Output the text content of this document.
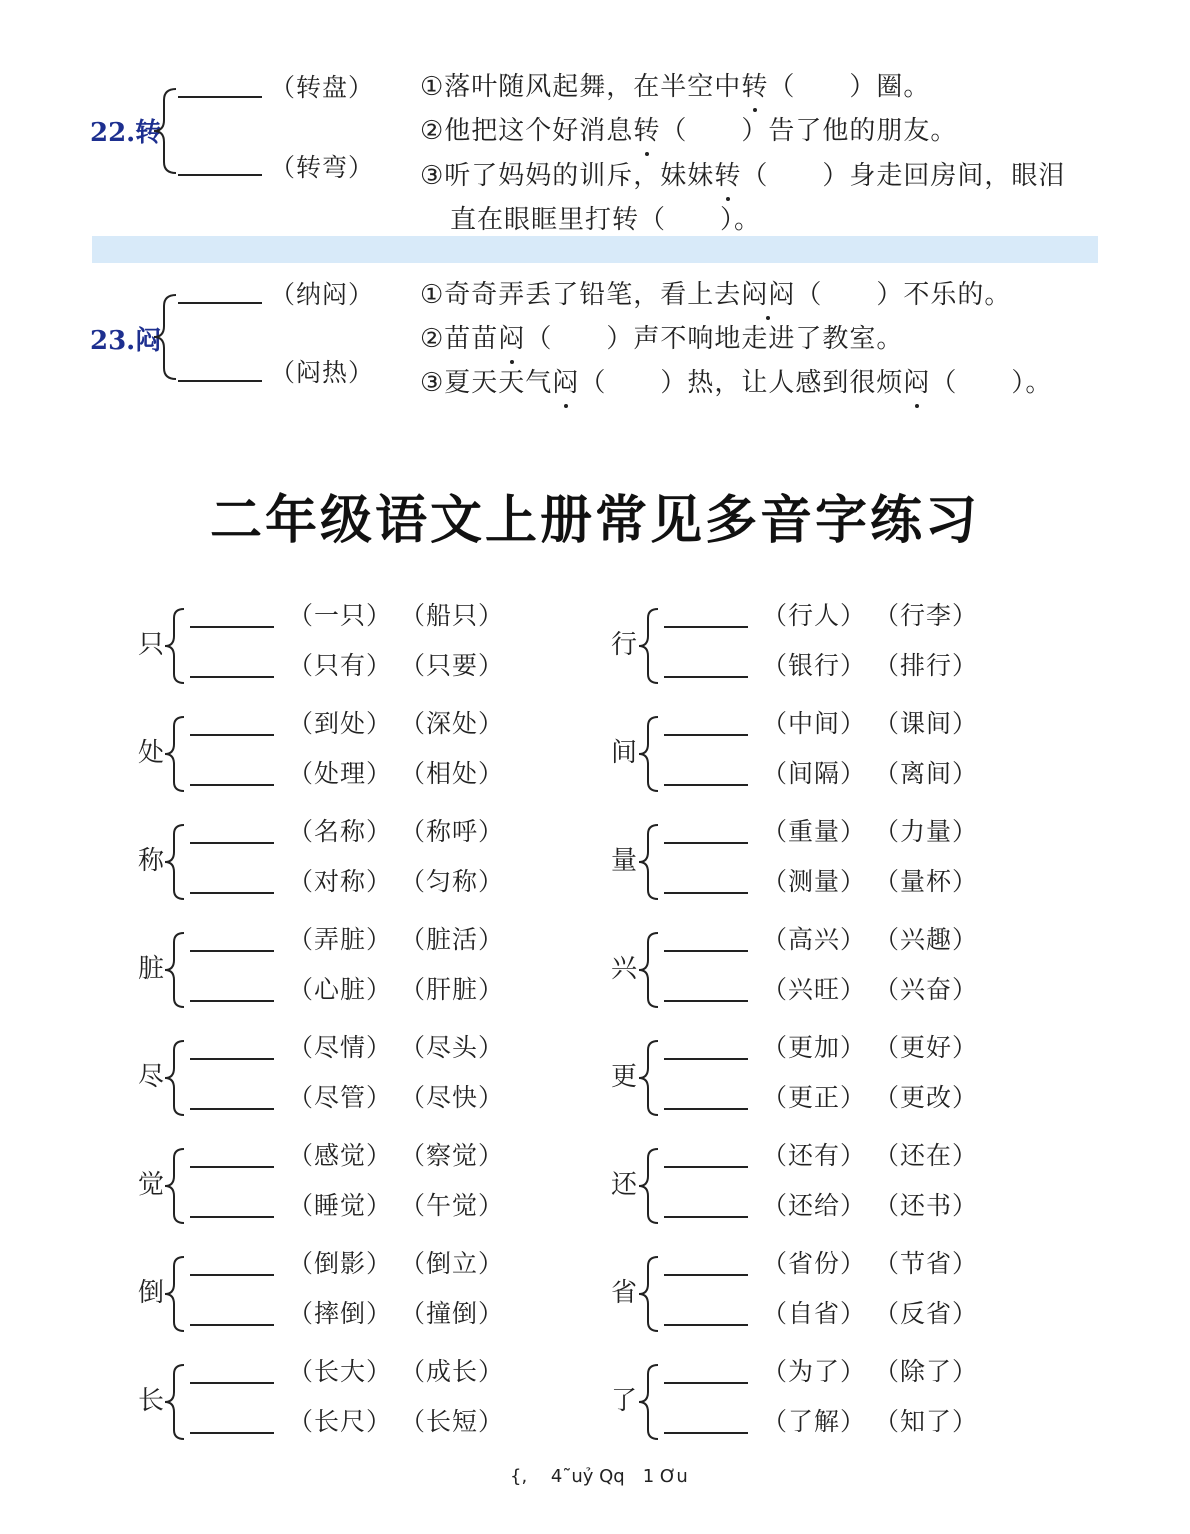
22.转
（转盘）
（转弯）
①落叶随风起舞，在半空中转（　　）圈。
②他把这个好消息转（　　）告了他的朋友。
③听了妈妈的训斥，妹妹转（　　）身走回房间，眼泪
直在眼眶里打转（　　）。
23.闷
（纳闷）
（闷热）
①奇奇弄丢了铅笔，看上去闷闷（　　）不乐的。
②苗苗闷（　　）声不响地走进了教室。
③夏天天气闷（　　）热，让人感到很烦闷（　　）。
二年级语文上册常见多音字练习
只
（一只） （船只）
（只有） （只要）
处
（到处） （深处）
（处理） （相处）
称
（名称） （称呼）
（对称） （匀称）
脏
（弄脏） （脏活）
（心脏） （肝脏）
尽
（尽情） （尽头）
（尽管） （尽快）
觉
（感觉） （察觉）
（睡觉） （午觉）
倒
（倒影） （倒立）
（摔倒） （撞倒）
长
（长大） （成长）
（长尺） （长短）
行
（行人） （行李）
（银行） （排行）
间
（中间） （课间）
（间隔） （离间）
量
（重量） （力量）
（测量） （量杯）
兴
（高兴） （兴趣）
（兴旺） （兴奋）
更
（更加） （更好）
（更正） （更改）
还
（还有） （还在）
（还给） （还书）
省
（省份） （节省）
（自省） （反省）
了
（为了） （除了）
（了解） （知了）
{,　 4˜uỷ Qq　1 Ơu
